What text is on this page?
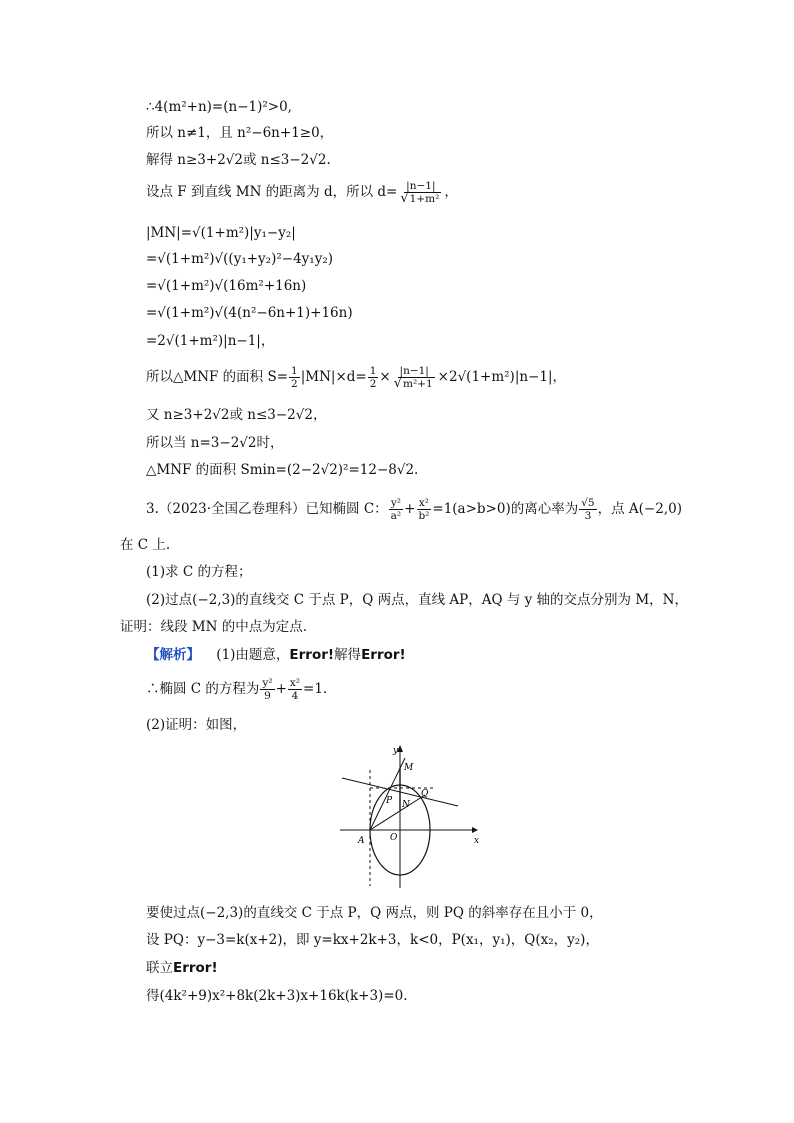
∴4(m²+n)=(n−1)²>0,
所以 n≠1，且 n²−6n+1≥0，
解得 n≥3+2√2或 n≤3−2√2.
设点 F 到直线 MN 的距离为 d，所以 $d= \frac{|n-1|}{\text{√1+m²}}$ ，
|MN|=√(1+m²)|y₁−y₂|
=√(1+m²)√((y₁+y₂)²−4y₁y₂)
=√(1+m²)√(16m²+16n)
=√(1+m²)√(4(n²−6n+1)+16n)
=2√(1+m²)|n−1|，
所以△MNF 的面积 $S= \frac{1}{2} |MN|\times d= \frac{1}{2} \times \frac{|n-1|}{\text{√m²+1}} \times 2√(1+m^2)|n-1|$，
又 n≥3+2√2或 n≤3−2√2，
所以当 n=3−2√2时，
△MNF 的面积 Smin=(2−2√2)²=12−8√2.
3.（2023·全国乙卷理科）已知椭圆 C： $\frac{\text{y²}}{\text{a²}} + \frac{\text{x²}}{\text{b²}} =1(a>b>0)$的离心率为 $\frac{√5}{3}$ ，点 A(−2,0)
在 C 上.
(1)求 C 的方程；
(2)过点(−2,3)的直线交 C 于点 P，Q 两点，直线 AP，AQ 与 y 轴的交点分别为 M，N，
证明：线段 MN 的中点为定点.
【解析】 (1)由题意，Error!解得Error!
∴椭圆 C 的方程为 $\frac{\text{y²}}{9} + \frac{\text{x²}}{4} =1$.
(2)证明：如图，
y
x
M
Q
N
P
O
A
要使过点(−2,3)的直线交 C 于点 P，Q 两点，则 PQ 的斜率存在且小于 0，
设 PQ：y−3=k(x+2)，即 y=kx+2k+3，k<0，P(x₁，y₁)，Q(x₂，y₂)，
联立Error!
得(4k²+9)x²+8k(2k+3)x+16k(k+3)=0.
